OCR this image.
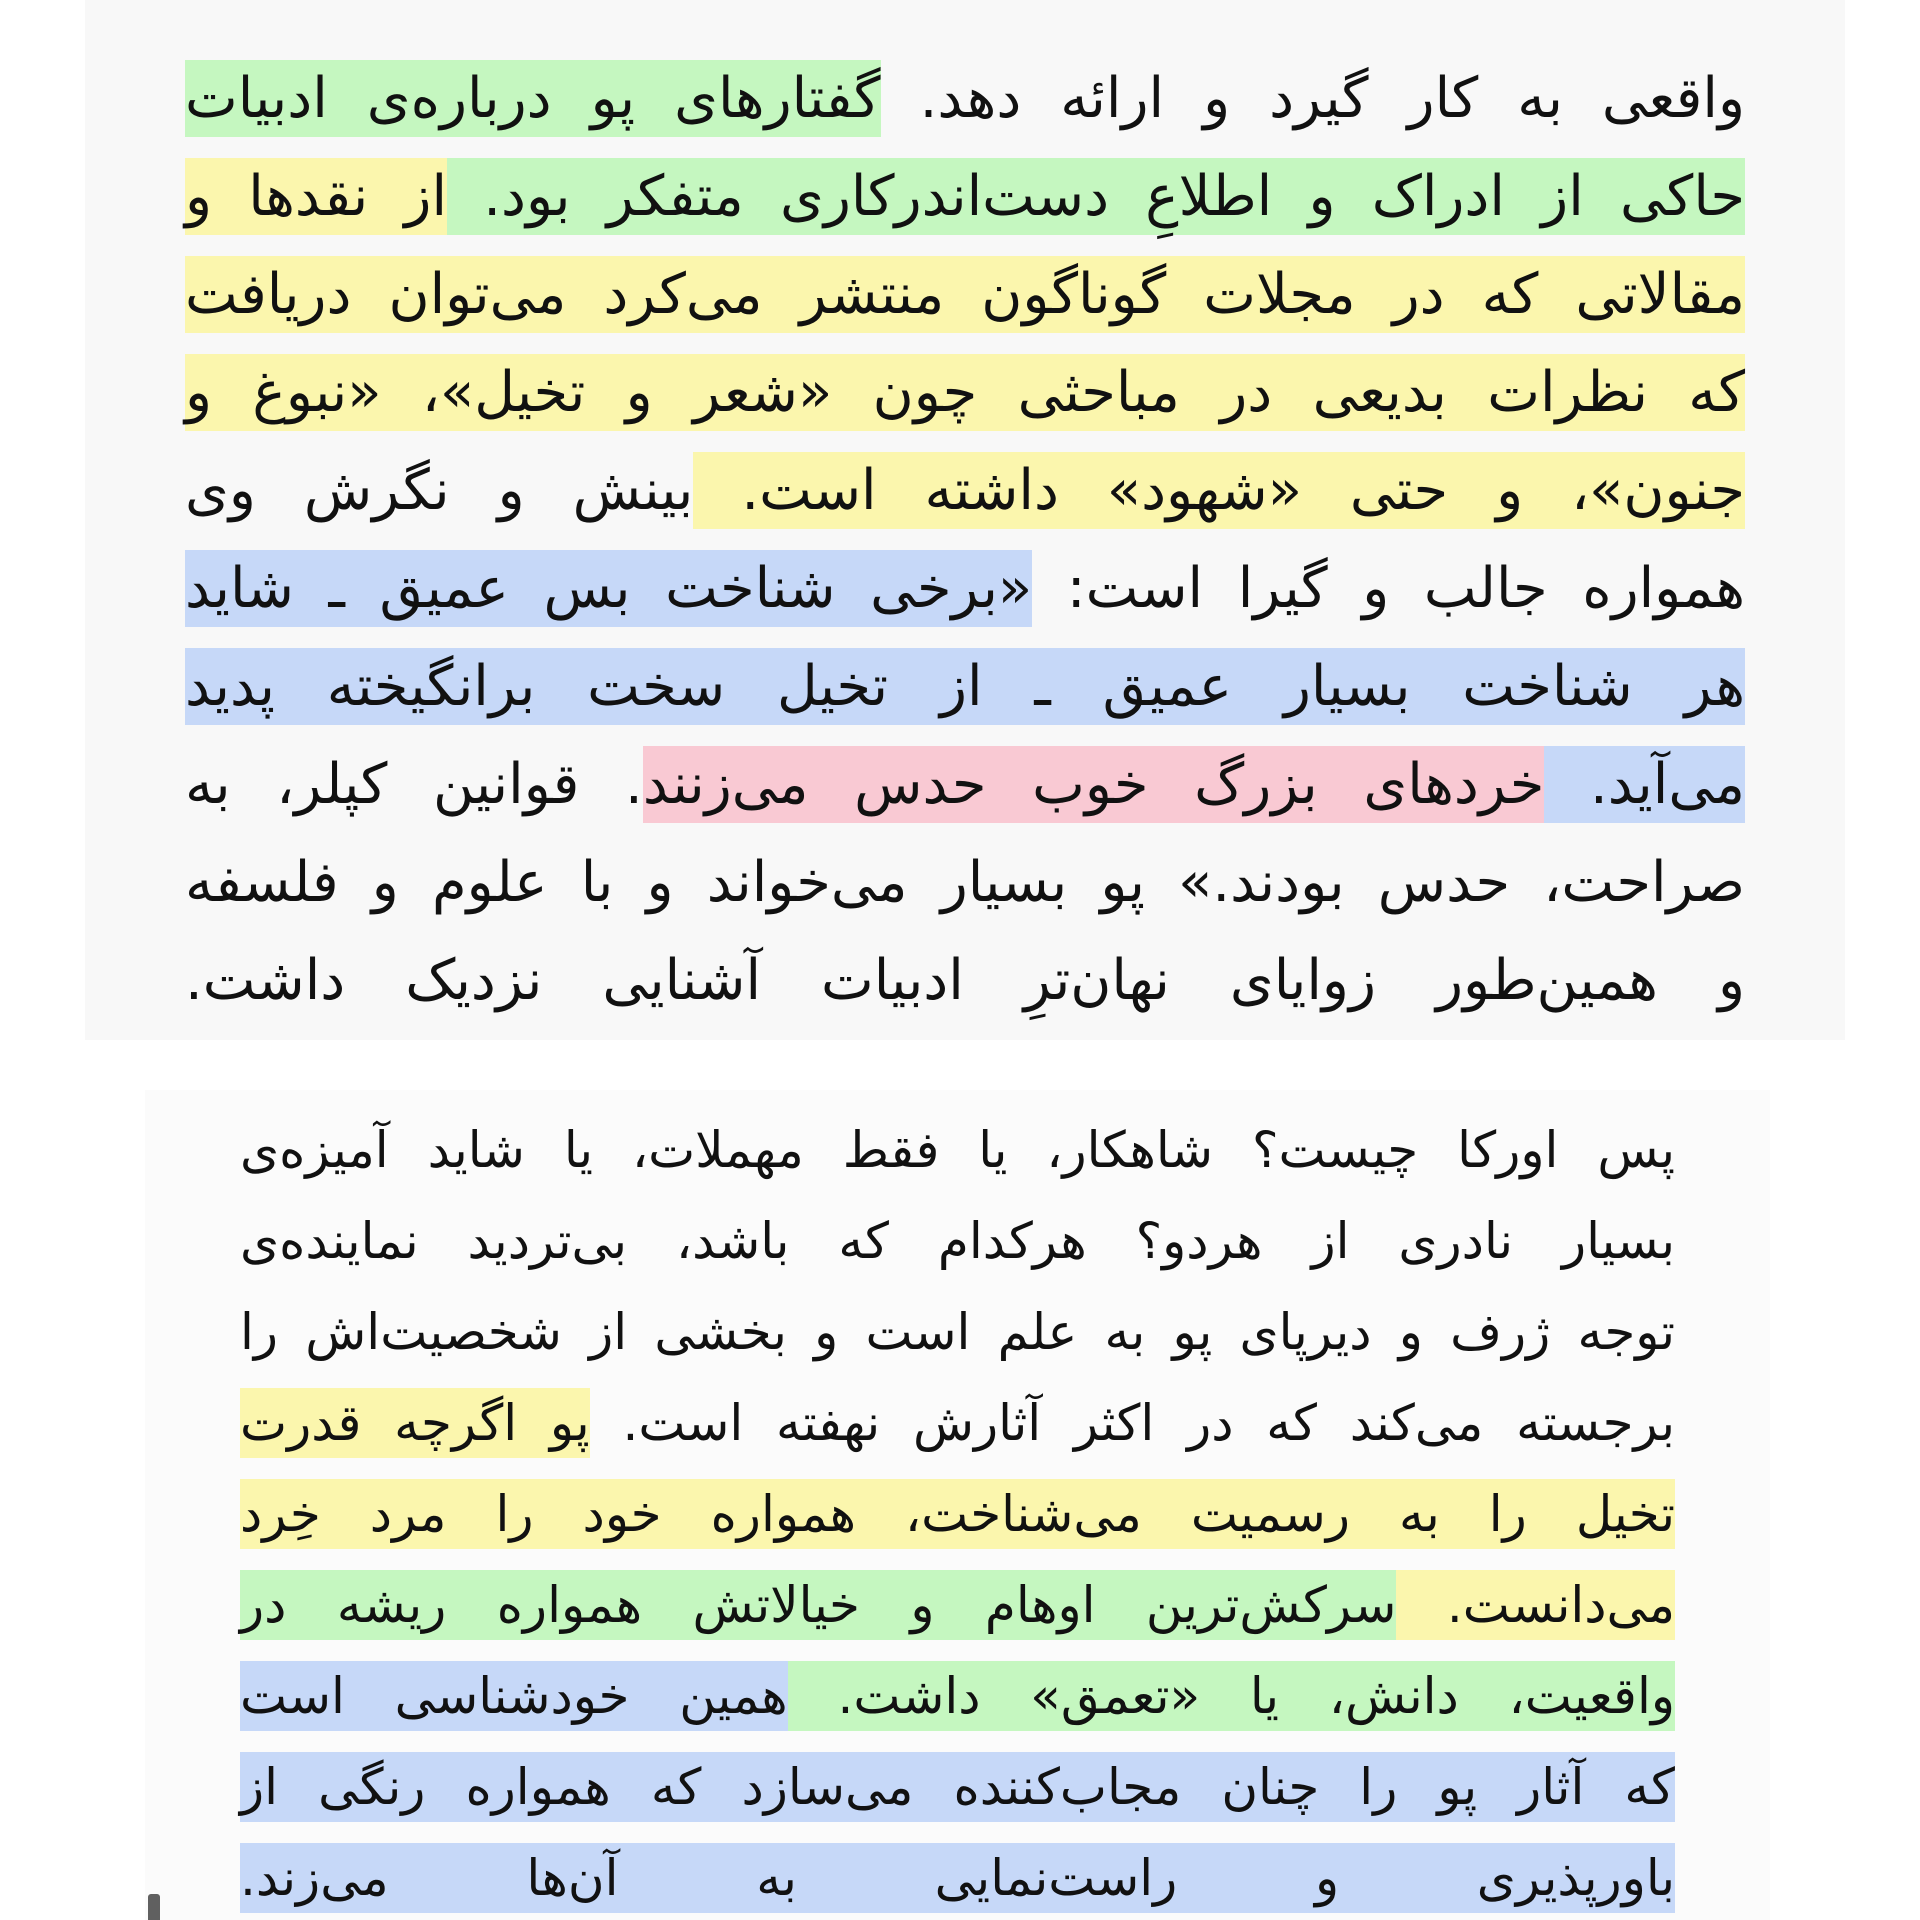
واقعی به کار گیرد و ارائه دهد. گفتارهای پو درباره‌ی ادبیات
حاکی از ادراک و اطلاعِ دست‌اندرکاری متفکر بود. از نقدها و
مقالاتی که در مجلات گوناگون منتشر می‌کرد می‌توان دریافت
که نظرات بدیعی در مباحثی چون «شعر و تخیل»، «نبوغ و
جنون»، و حتی «شهود» داشته است. بینش و نگرش وی
همواره جالب و گیرا است: «برخی شناخت بس عمیق ـ شاید
هر شناخت بسیار عمیق ـ از تخیل سخت برانگیخته پدید
می‌آید. خردهای بزرگ خوب حدس می‌زنند. قوانین کپلر، به
صراحت، حدس بودند.» پو بسیار می‌خواند و با علوم و فلسفه
و همین‌طور زوایای نهان‌ترِ ادبیات آشنایی نزدیک داشت.
پس اورکا چیست؟ شاهکار، یا فقط مهملات، یا شاید آمیزه‌ی
بسیار نادری از هردو؟ هرکدام که باشد، بی‌تردید نماینده‌ی
توجه ژرف و دیرپای پو به علم است و بخشی از شخصیت‌اش را
برجسته می‌کند که در اکثر آثارش نهفته است. پو اگرچه قدرت
تخیل را به رسمیت می‌شناخت، همواره خود را مرد خِرد
می‌دانست. سرکش‌ترین اوهام و خیالاتش همواره ریشه در
واقعیت، دانش، یا «تعمق» داشت. همین خودشناسی است
که آثار پو را چنان مجاب‌کننده می‌سازد که همواره رنگی از
باورپذیری و راست‌نمایی به آن‌ها می‌زند.
